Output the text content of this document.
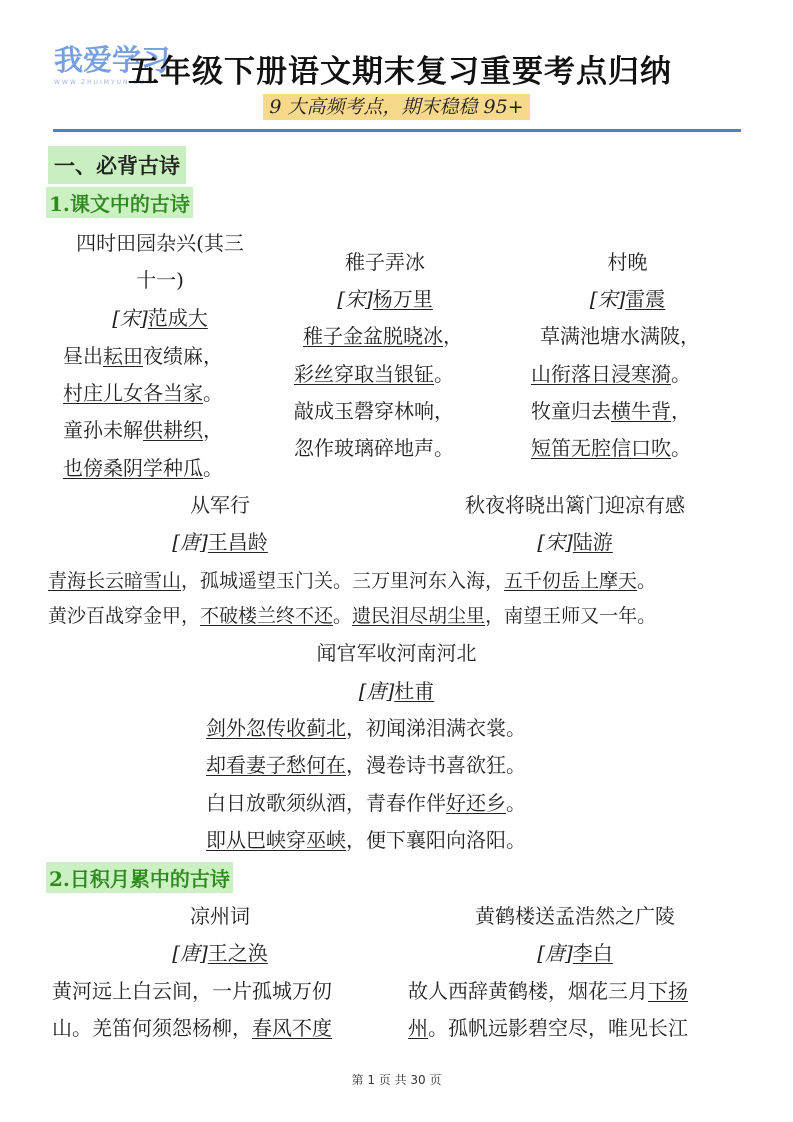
我爱学习
WWW.ZHUIMYUN.COM
五年级下册语文期末复习重要考点归纳
9 大高频考点，期末稳稳 95+
一、必背古诗
1.课文中的古诗
四时田园杂兴(其三
十一)
[宋]范成大
昼出耘田夜绩麻，
村庄儿女各当家。
童孙未解供耕织，
也傍桑阴学种瓜。
稚子弄冰
[宋]杨万里
稚子金盆脱晓冰，
彩丝穿取当银钲。
敲成玉磬穿林响，
忽作玻璃碎地声。
村晚
[宋]雷震
草满池塘水满陂，
山衔落日浸寒漪。
牧童归去横牛背，
短笛无腔信口吹。
从军行
[唐]王昌龄
秋夜将晓出篱门迎凉有感
[宋]陆游
青海长云暗雪山，孤城遥望玉门关。三万里河东入海，五千仞岳上摩天。
黄沙百战穿金甲，不破楼兰终不还。遗民泪尽胡尘里，南望王师又一年。
闻官军收河南河北
[唐]杜甫
剑外忽传收蓟北，初闻涕泪满衣裳。
却看妻子愁何在，漫卷诗书喜欲狂。
白日放歌须纵酒，青春作伴好还乡。
即从巴峡穿巫峡，便下襄阳向洛阳。
2.日积月累中的古诗
凉州词
[唐]王之涣
黄河远上白云间，一片孤城万仞
山。羌笛何须怨杨柳，春风不度
黄鹤楼送孟浩然之广陵
[唐]李白
故人西辞黄鹤楼，烟花三月下扬
州。孤帆远影碧空尽，唯见长江
第 1 页 共 30 页
